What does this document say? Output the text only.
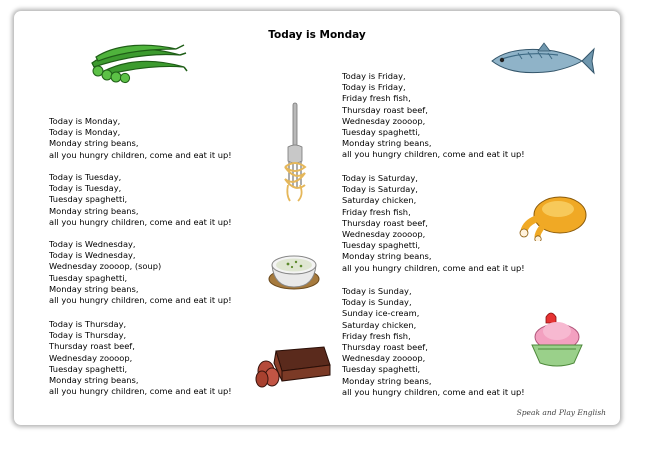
Today is Monday
Today is Monday,
Today is Monday,
Monday string beans,
all you hungry children, come and eat it up!
Today is Tuesday,
Today is Tuesday,
Tuesday spaghetti,
Monday string beans,
all you hungry children, come and eat it up!
Today is Wednesday,
Today is Wednesday,
Wednesday zoooop, (soup)
Tuesday spaghetti,
Monday string beans,
all you hungry children, come and eat it up!
Today is Thursday,
Today is Thursday,
Thursday roast beef,
Wednesday zoooop,
Tuesday spaghetti,
Monday string beans,
all you hungry children, come and eat it up!
Today is Friday,
Today is Friday,
Friday fresh fish,
Thursday roast beef,
Wednesday zoooop,
Tuesday spaghetti,
Monday string beans,
all you hungry children, come and eat it up!
Today is Saturday,
Today is Saturday,
Saturday chicken,
Friday fresh fish,
Thursday roast beef,
Wednesday zoooop,
Tuesday spaghetti,
Monday string beans,
all you hungry children, come and eat it up!
Today is Sunday,
Today is Sunday,
Sunday ice-cream,
Saturday chicken,
Friday fresh fish,
Thursday roast beef,
Wednesday zoooop,
Tuesday spaghetti,
Monday string beans,
all you hungry children, come and eat it up!
Speak and Play English
